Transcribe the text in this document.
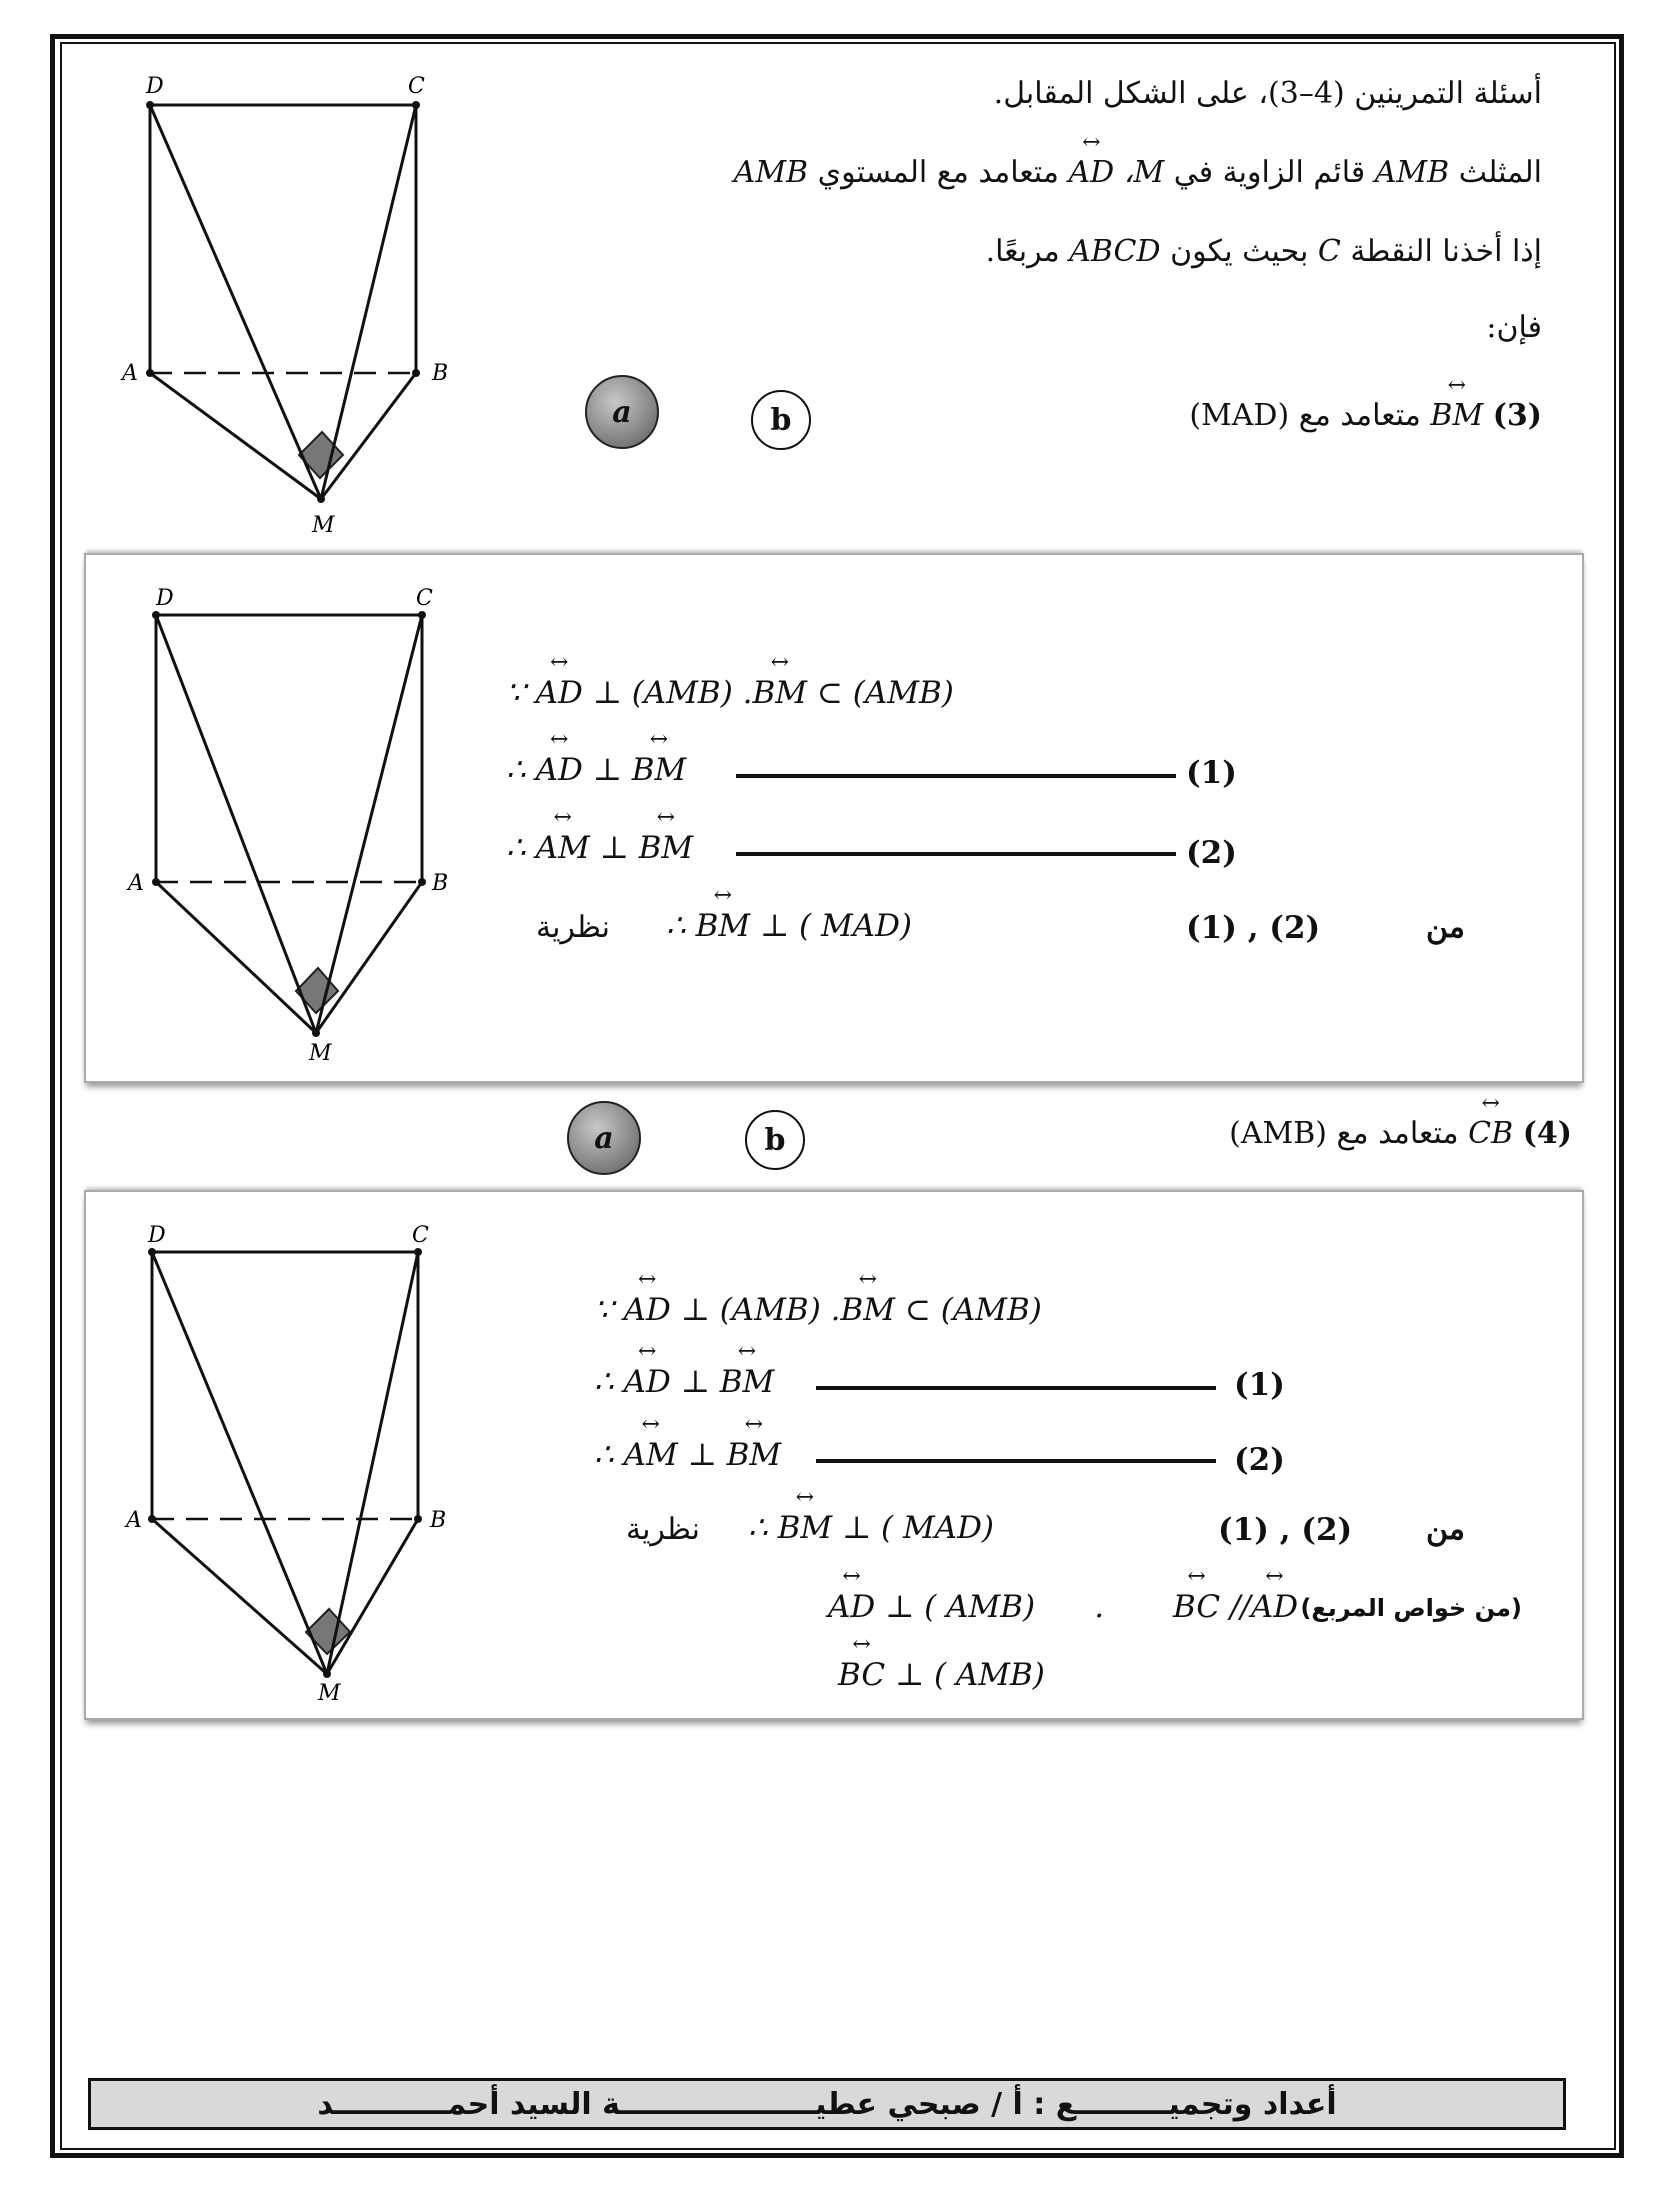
D	C
A	B
M
أسئلة التمرينين (4–3)، على الشكل المقابل.
المثلث AMB قائم الزاوية في M، AD ↔ متعامد مع المستوي AMB
إذا أخذنا النقطة C بحيث يكون ABCD مربعًا.
فإن:
(3) BM ↔ متعامد مع (MAD)
a	b
D	C
A	B
M
∵ AD ↔ ⊥ (AMB) .BM ↔ ⊂ (AMB)
∴ AD ↔ ⊥ BM ↔	(1)
∴ AM ↔ ⊥ BM ↔	(2)
نظرية ∴ BM ↔ ⊥ ( MAD)	(1) , (2)	من
(4) CB ↔ متعامد مع (AMB)
a	b
D	C
A	B
M
∵ AD ↔ ⊥ (AMB) .BM ↔ ⊂ (AMB)
∴ AD ↔ ⊥ BM ↔	(1)
∴ AM ↔ ⊥ BM ↔	(2)
نظرية ∴ BM ↔ ⊥ ( MAD)	(1) , (2) من
AD ↔ ⊥ ( AMB) . BC ↔ //AD ↔ (من خواص المربع)
BC ↔ ⊥ ( AMB)
أعداد وتجميـــــــــع : أ / صبحي عطيـــــــــــــــــــة السيد أحمـــــــــــد
